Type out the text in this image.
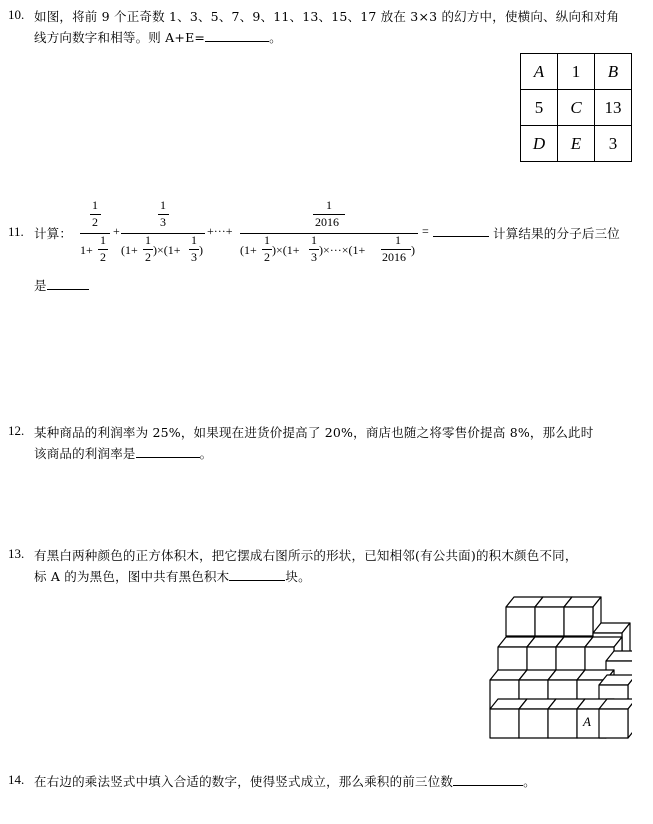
10. 如图，将前 9 个正奇数 1、3、5、7、9、11、13、15、17 放在 3×3 的幻方中，使横向、纵向和对角
线方向数字和相等。则 A+E=	。
A	1	B
5	C	13
D	E	3
11. 计算：
1
2
1+
1
2
+
1
3
(1+
1
2 )×(1+
1
3 )
+···+
1
2016
(1+
1
2 )×(1+
1
3 )×···×(1+
1
2016 )
=	计算结果的分子后三位
是
12. 某种商品的利润率为 25%，如果现在进货价提高了 20%，商店也随之将零售价提高 8%，那么此时
该商品的利润率是	。
13. 有黑白两种颜色的正方体积木，把它摆成右图所示的形状，已知相邻(有公共面)的积木颜色不同，
标 A 的为黑色，图中共有黑色积木	块。
A
14. 在右边的乘法竖式中填入合适的数字，使得竖式成立，那么乘积的前三位数	。
